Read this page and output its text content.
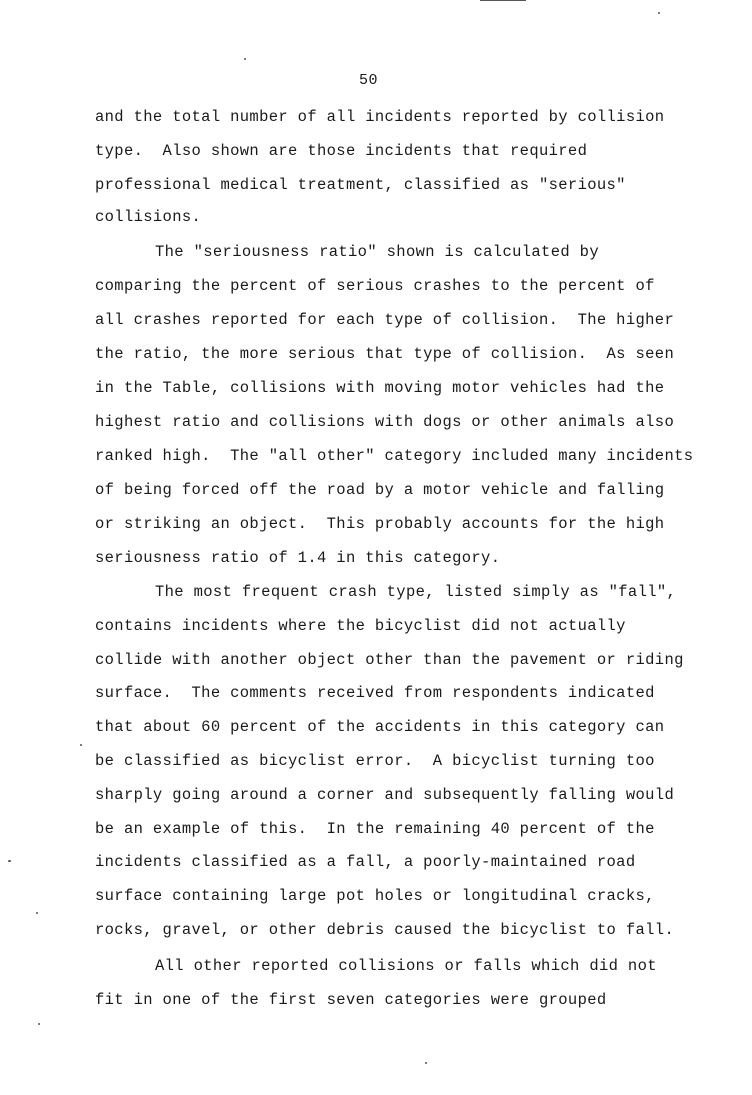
50
and the total number of all incidents reported by collision
type.  Also shown are those incidents that required
professional medical treatment, classified as "serious"
collisions.
The "seriousness ratio" shown is calculated by
comparing the percent of serious crashes to the percent of
all crashes reported for each type of collision.  The higher
the ratio, the more serious that type of collision.  As seen
in the Table, collisions with moving motor vehicles had the
highest ratio and collisions with dogs or other animals also
ranked high.  The "all other" category included many incidents
of being forced off the road by a motor vehicle and falling
or striking an object.  This probably accounts for the high
seriousness ratio of 1.4 in this category.
The most frequent crash type, listed simply as "fall",
contains incidents where the bicyclist did not actually
collide with another object other than the pavement or riding
surface.  The comments received from respondents indicated
that about 60 percent of the accidents in this category can
be classified as bicyclist error.  A bicyclist turning too
sharply going around a corner and subsequently falling would
be an example of this.  In the remaining 40 percent of the
incidents classified as a fall, a poorly-maintained road
surface containing large pot holes or longitudinal cracks,
rocks, gravel, or other debris caused the bicyclist to fall.
All other reported collisions or falls which did not
fit in one of the first seven categories were grouped
